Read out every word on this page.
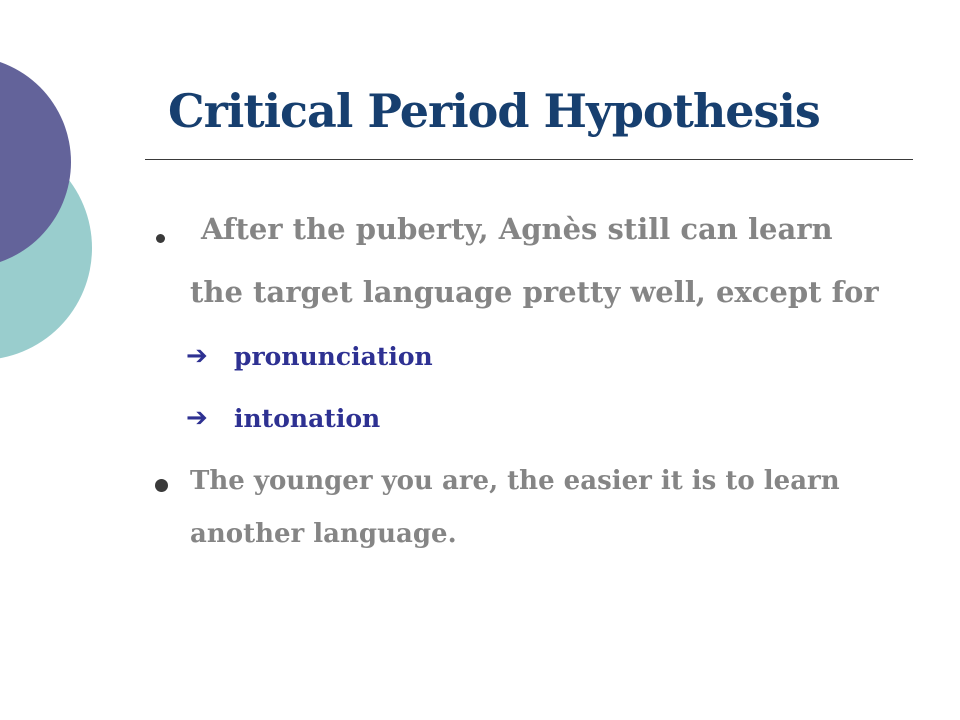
Critical Period Hypothesis

After the puberty, Agnès still can learn

the target language pretty well, except for

➔ pronunciation
➔ intonation

The younger you are, the easier it is to learn

another language.
